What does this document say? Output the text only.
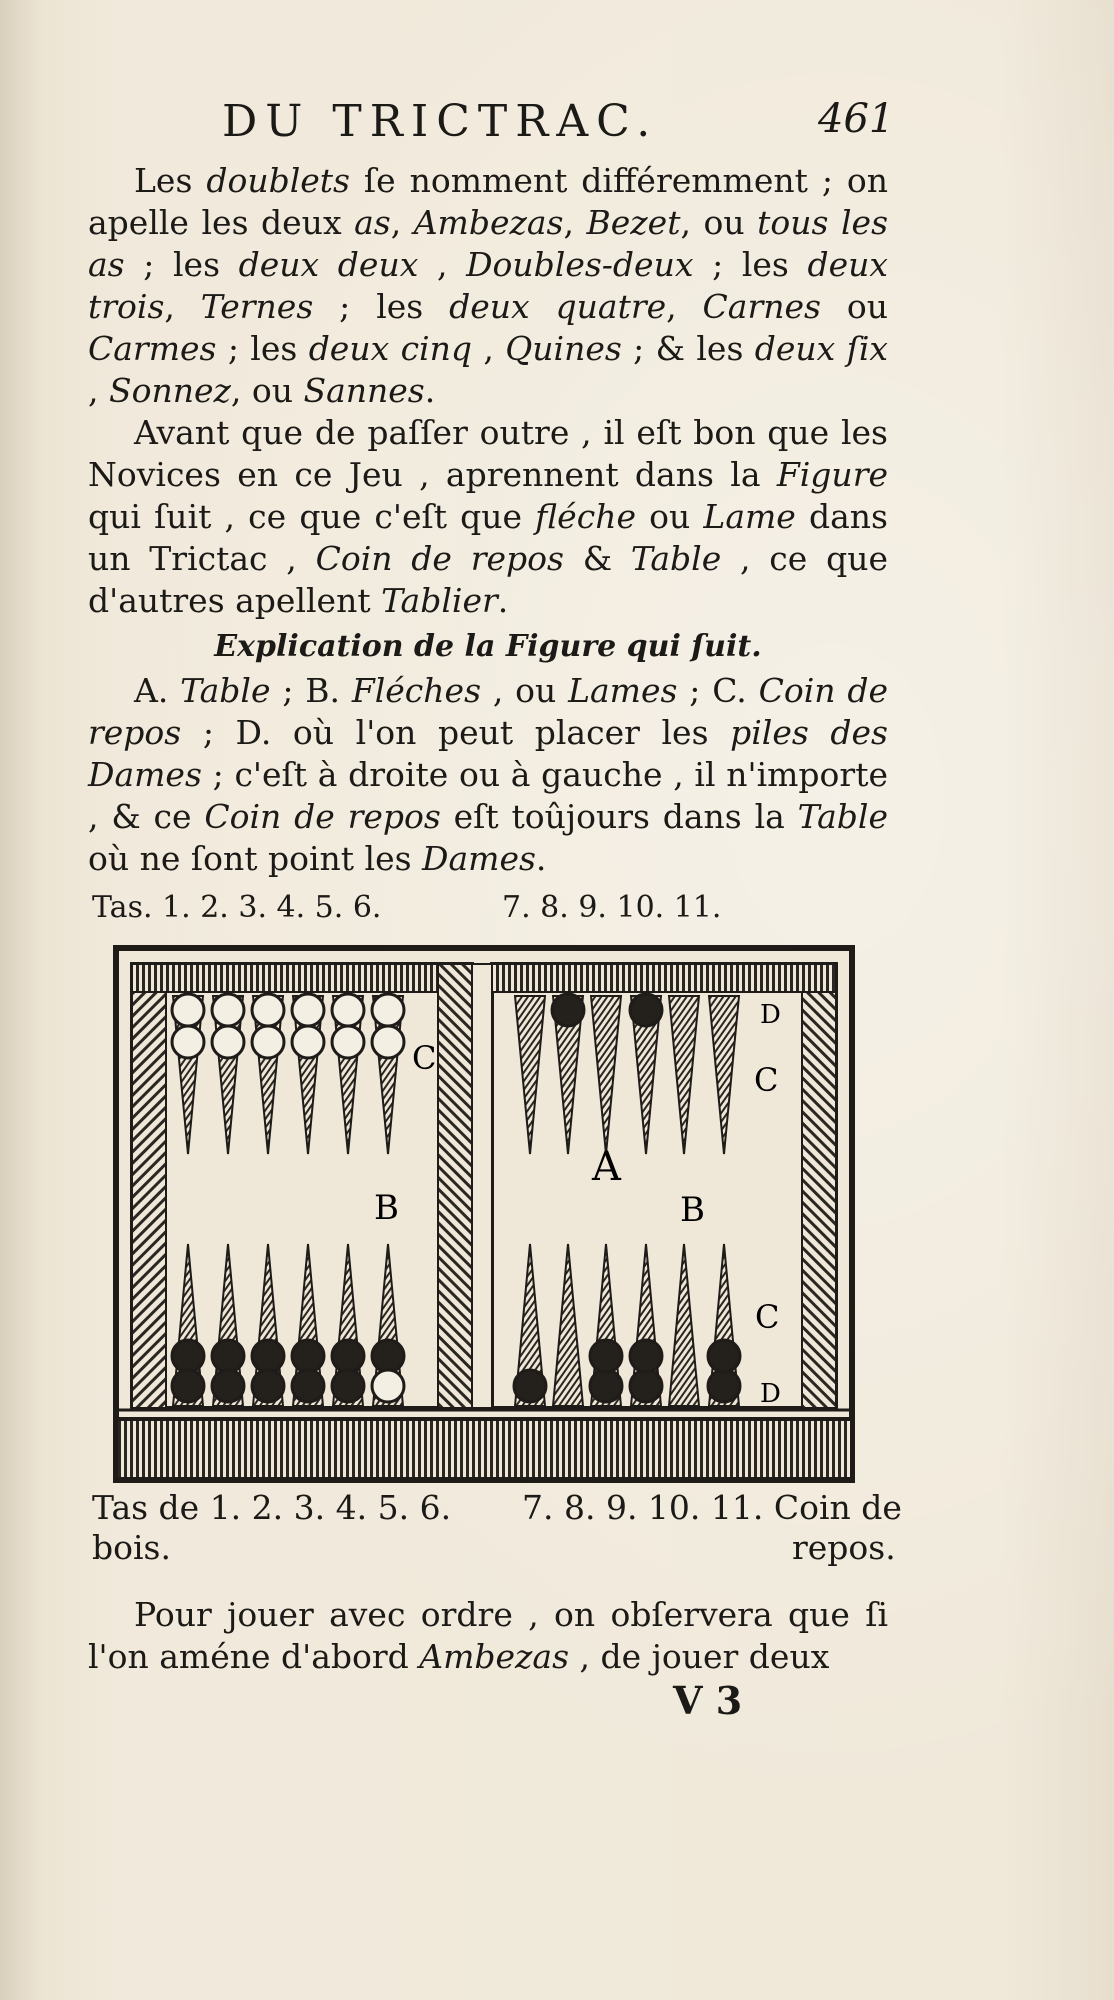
DU TRICTRAC.	461

Les doublets ſe nomment différemment ; on apelle les deux as, Ambezas, Bezet, ou tous les as ; les deux deux , Doubles-deux ; les deux trois, Ternes ; les deux quatre, Carnes ou Carmes ; les deux cinq , Quines ; & les deux ſix , Sonnez, ou Sannes.

Avant que de paſſer outre , il eſt bon que les Novices en ce Jeu , aprennent dans la Figure qui ſuit , ce que c'eſt que fléche ou Lame dans un Trictac , Coin de repos & Table , ce que d'autres apellent Tablier.

Explication de la Figure qui ſuit.

A. Table ; B. Fléches , ou Lames ; C. Coin de repos ; D. où l'on peut placer les piles des Dames ; c'eſt à droite ou à gauche , il n'importe , & ce Coin de repos eſt toûjours dans la Table où ne ſont point les Dames.

Tas. 1. 2. 3. 4. 5. 6.	7. 8. 9. 10. 11.
B
A
B
C
C
C
D
D
Tas de 1. 2. 3. 4. 5. 6.
bois.
7. 8. 9. 10. 11. Coin de
repos.

Pour jouer avec ordre , on obſervera que ſi l'on améne d'abord Ambezas , de jouer deux

V 3
